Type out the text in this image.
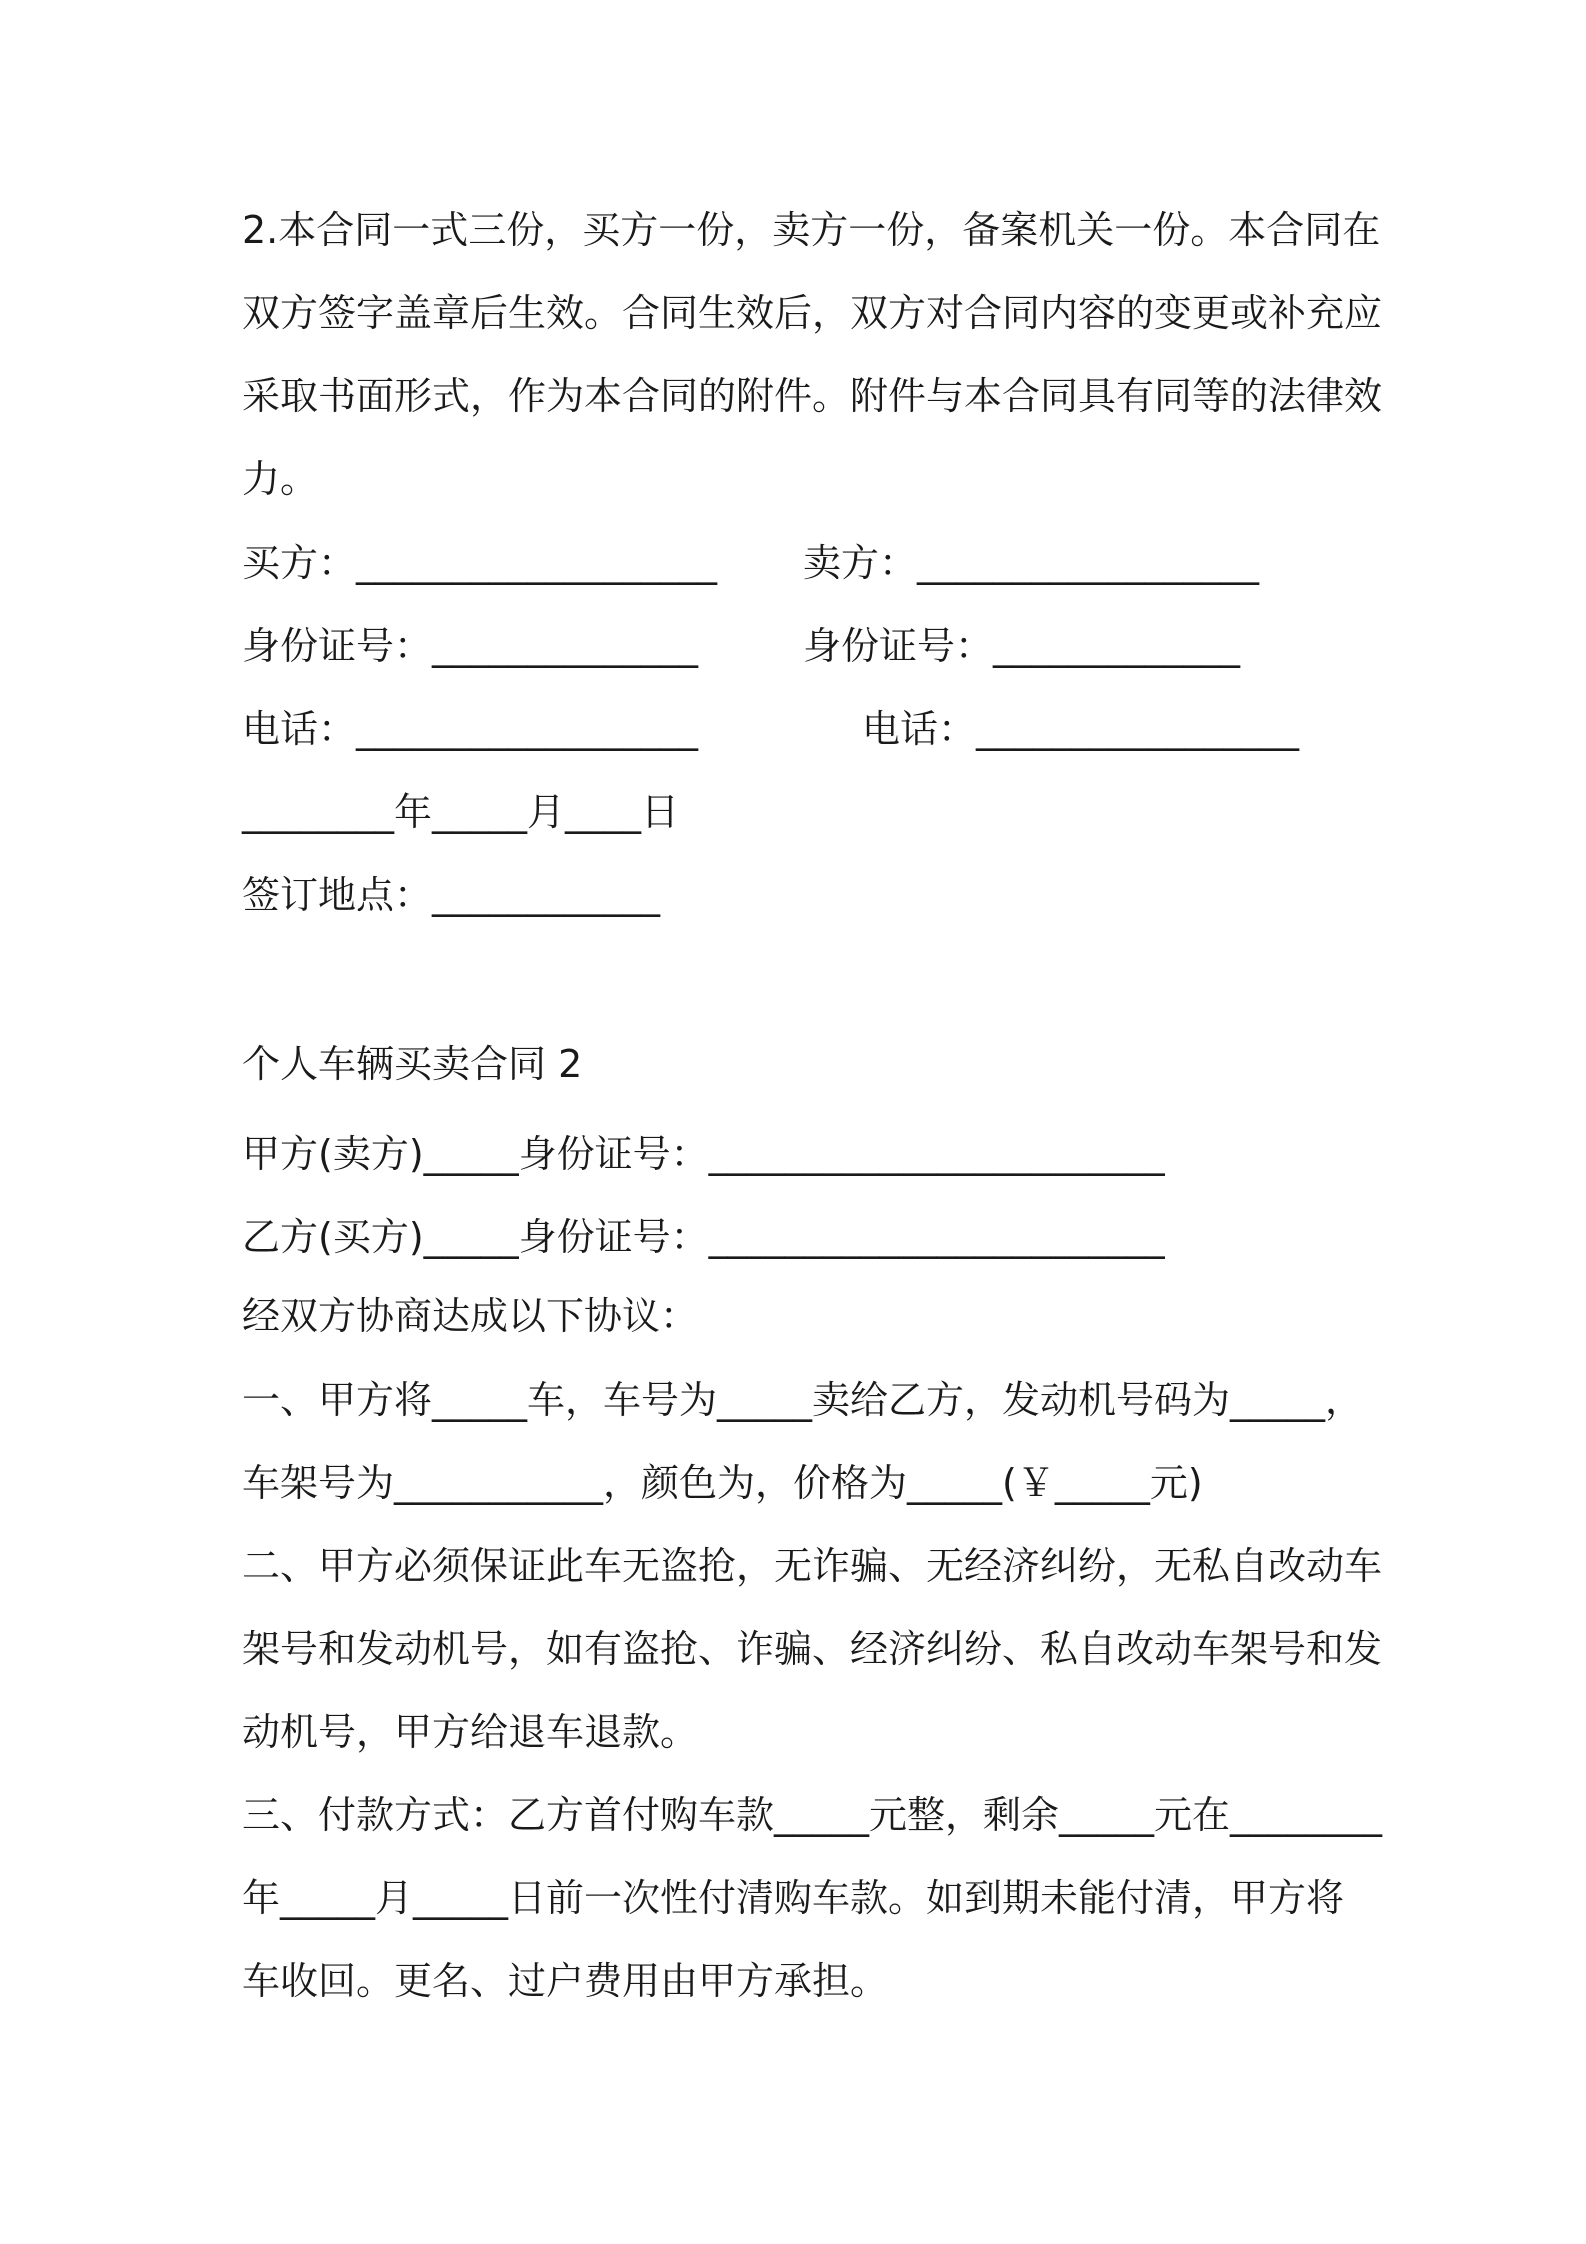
2.本合同一式三份，买方一份，卖方一份，备案机关一份。本合同在

双方签字盖章后生效。合同生效后，双方对合同内容的变更或补充应

采取书面形式，作为本合同的附件。附件与本合同具有同等的法律效

力。

买方：___________________ 卖方：__________________

身份证号：______________	身份证号：_____________

电话：__________________	电话：_________________

________年_____月____日

签订地点：____________

个人车辆买卖合同 2

甲方(卖方)_____身份证号：________________________

乙方(买方)_____身份证号：________________________

经双方协商达成以下协议：

一、甲方将_____车，车号为_____卖给乙方，发动机号码为_____，

车架号为___________，颜色为，价格为_____(￥_____元)

二、甲方必须保证此车无盗抢，无诈骗、无经济纠纷，无私自改动车

架号和发动机号，如有盗抢、诈骗、经济纠纷、私自改动车架号和发

动机号，甲方给退车退款。

三、付款方式：乙方首付购车款_____元整，剩余_____元在________

年_____月_____日前一次性付清购车款。如到期未能付清，甲方将

车收回。更名、过户费用由甲方承担。
